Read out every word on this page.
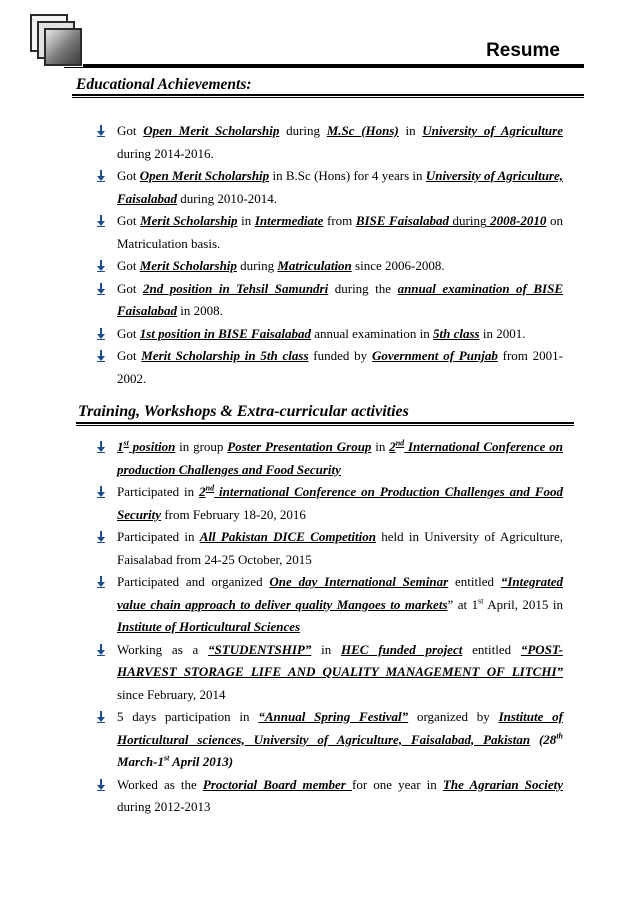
Resume
Educational Achievements:
Got Open Merit Scholarship during M.Sc (Hons) in University of Agriculture during 2014-2016.
Got Open Merit Scholarship in B.Sc (Hons) for 4 years in University of Agriculture, Faisalabad during 2010-2014.
Got Merit Scholarship in Intermediate from BISE Faisalabad during 2008-2010 on Matriculation basis.
Got Merit Scholarship during Matriculation since 2006-2008.
Got 2nd position in Tehsil Samundri during the annual examination of BISE Faisalabad in 2008.
Got 1st position in BISE Faisalabad annual examination in 5th class in 2001.
Got Merit Scholarship in 5th class funded by Government of Punjab from 2001-2002.
Training, Workshops & Extra-curricular activities
1st position in group Poster Presentation Group in 2nd International Conference on production Challenges and Food Security
Participated in 2nd international Conference on Production Challenges and Food Security from February 18-20, 2016
Participated in All Pakistan DICE Competition held in University of Agriculture, Faisalabad from 24-25 October, 2015
Participated and organized One day International Seminar entitled “Integrated value chain approach to deliver quality Mangoes to markets” at 1st April, 2015 in Institute of Horticultural Sciences
Working as a “STUDENTSHIP” in HEC funded project entitled “POST-HARVEST STORAGE LIFE AND QUALITY MANAGEMENT OF LITCHI” since February, 2014
5 days participation in “Annual Spring Festival” organized by Institute of Horticultural sciences, University of Agriculture, Faisalabad, Pakistan (28th March-1st April 2013)
Worked as the Proctorial Board member for one year in The Agrarian Society during 2012-2013
